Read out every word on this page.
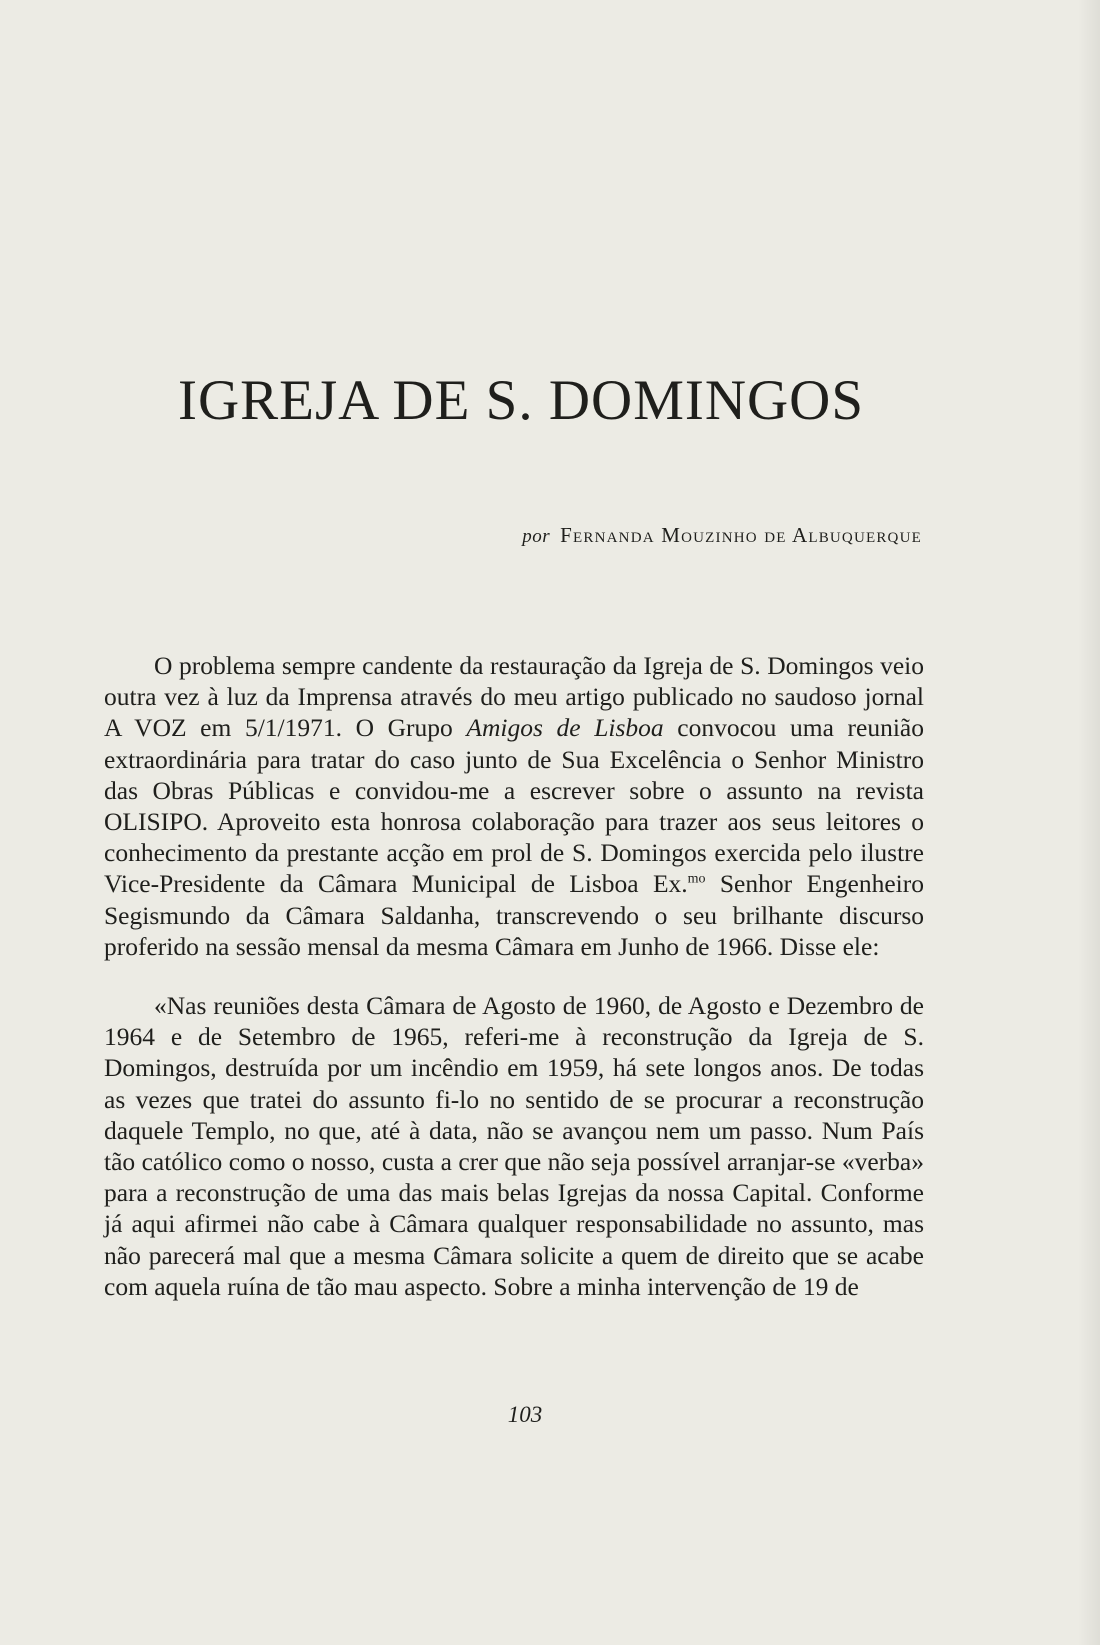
IGREJA DE S. DOMINGOS

por Fernanda Mouzinho de Albuquerque

O problema sempre candente da restauração da Igreja de S. Domingos veio outra vez à luz da Imprensa através do meu artigo publicado no saudoso jornal A VOZ em 5/1/1971. O Grupo Amigos de Lisboa convocou uma reunião extraordinária para tratar do caso junto de Sua Excelência o Senhor Ministro das Obras Públicas e convidou-me a escrever sobre o assunto na revista OLISIPO. Aproveito esta honrosa colaboração para trazer aos seus leitores o conhecimento da prestante acção em prol de S. Domingos exercida pelo ilustre Vice-Presidente da Câmara Municipal de Lisboa Ex.$^{mo}$ Senhor Engenheiro Segismundo da Câmara Saldanha, transcrevendo o seu brilhante discurso proferido na sessão mensal da mesma Câmara em Junho de 1966. Disse ele:

«Nas reuniões desta Câmara de Agosto de 1960, de Agosto e Dezembro de 1964 e de Setembro de 1965, referi-me à reconstrução da Igreja de S. Domingos, destruída por um incêndio em 1959, há sete longos anos. De todas as vezes que tratei do assunto fi-lo no sentido de se procurar a reconstrução daquele Templo, no que, até à data, não se avançou nem um passo. Num País tão católico como o nosso, custa a crer que não seja possível arranjar-se «verba» para a reconstrução de uma das mais belas Igrejas da nossa Capital. Conforme já aqui afirmei não cabe à Câmara qualquer responsabilidade no assunto, mas não parecerá mal que a mesma Câmara solicite a quem de direito que se acabe com aquela ruína de tão mau aspecto. Sobre a minha intervenção de 19 de

103
